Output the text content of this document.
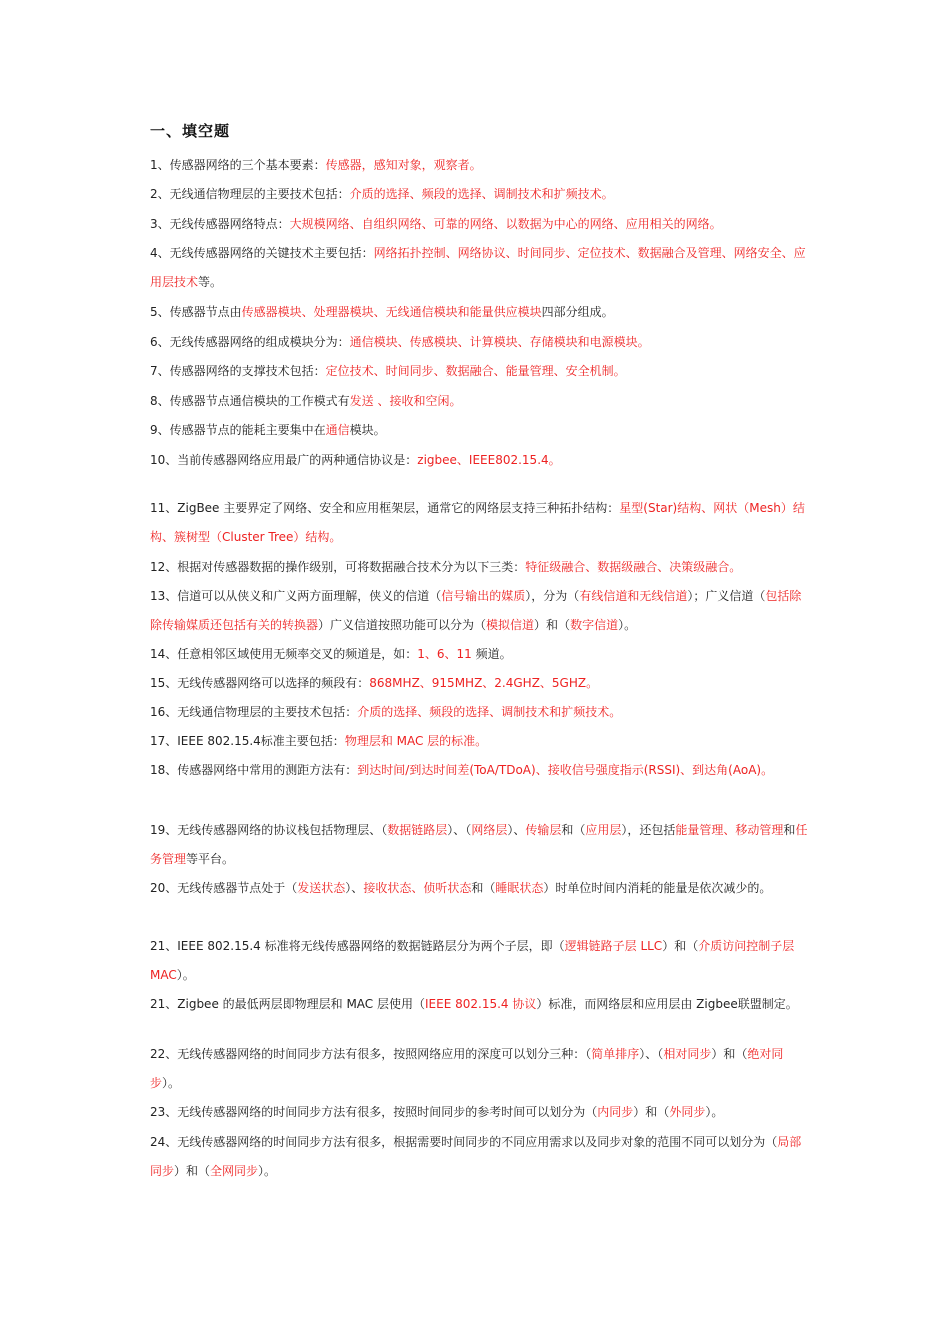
一、填空题
1、传感器网络的三个基本要素：传感器，感知对象，观察者。
2、无线通信物理层的主要技术包括：介质的选择、频段的选择、调制技术和扩频技术。
3、无线传感器网络特点：大规模网络、自组织网络、可靠的网络、以数据为中心的网络、应用相关的网络。
4、无线传感器网络的关键技术主要包括：网络拓扑控制、网络协议、时间同步、定位技术、数据融合及管理、网络安全、应用层技术等。
5、传感器节点由传感器模块、处理器模块、无线通信模块和能量供应模块四部分组成。
6、无线传感器网络的组成模块分为：通信模块、传感模块、计算模块、存储模块和电源模块。
7、传感器网络的支撑技术包括：定位技术、时间同步、数据融合、能量管理、安全机制。
8、传感器节点通信模块的工作模式有发送 、接收和空闲。
9、传感器节点的能耗主要集中在通信模块。
10、当前传感器网络应用最广的两种通信协议是：zigbee、IEEE802.15.4。
11、ZigBee 主要界定了网络、安全和应用框架层，通常它的网络层支持三种拓扑结构：星型(Star)结构、网状（Mesh）结构、簇树型（Cluster Tree）结构。
12、根据对传感器数据的操作级别，可将数据融合技术分为以下三类：特征级融合、数据级融合、决策级融合。
13、信道可以从侠义和广义两方面理解，侠义的信道（信号输出的媒质），分为（有线信道和无线信道）；广义信道（包括除除传输媒质还包括有关的转换器）广义信道按照功能可以分为（模拟信道）和（数字信道）。
14、任意相邻区域使用无频率交叉的频道是，如：1、6、11 频道。
15、无线传感器网络可以选择的频段有：868MHZ、915MHZ、2.4GHZ、5GHZ。
16、无线通信物理层的主要技术包括：介质的选择、频段的选择、调制技术和扩频技术。
17、IEEE 802.15.4标准主要包括：物理层和 MAC 层的标准。
18、传感器网络中常用的测距方法有：到达时间/到达时间差(ToA/TDoA)、接收信号强度指示(RSSI)、到达角(AoA)。
19、无线传感器网络的协议栈包括物理层、（数据链路层）、（网络层）、传输层和（应用层），还包括能量管理、移动管理和任务管理等平台。
20、无线传感器节点处于（发送状态）、接收状态、侦听状态和（睡眠状态）时单位时间内消耗的能量是依次减少的。
21、IEEE 802.15.4 标准将无线传感器网络的数据链路层分为两个子层，即（逻辑链路子层 LLC）和（介质访问控制子层 MAC）。
21、Zigbee 的最低两层即物理层和 MAC 层使用（IEEE 802.15.4 协议）标准，而网络层和应用层由 Zigbee联盟制定。
22、无线传感器网络的时间同步方法有很多，按照网络应用的深度可以划分三种：（简单排序）、（相对同步）和（绝对同步）。
23、无线传感器网络的时间同步方法有很多，按照时间同步的参考时间可以划分为（内同步）和（外同步）。
24、无线传感器网络的时间同步方法有很多，根据需要时间同步的不同应用需求以及同步对象的范围不同可以划分为（局部同步）和（全网同步）。
